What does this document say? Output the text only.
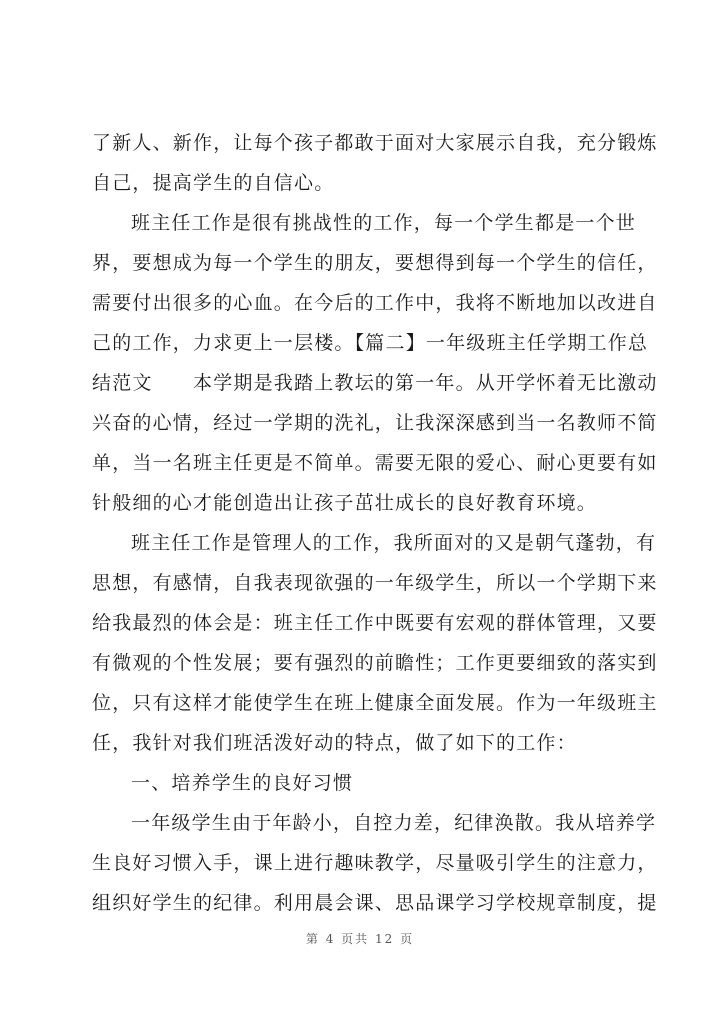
了新人、新作，让每个孩子都敢于面对大家展示自我，充分锻炼
自己，提高学生的自信心。
班主任工作是很有挑战性的工作，每一个学生都是一个世
界，要想成为每一个学生的朋友，要想得到每一个学生的信任，
需要付出很多的心血。在今后的工作中，我将不断地加以改进自
己的工作，力求更上一层楼。【篇二】一年级班主任学期工作总
结范文　　本学期是我踏上教坛的第一年。从开学怀着无比激动
兴奋的心情，经过一学期的洗礼，让我深深感到当一名教师不简
单，当一名班主任更是不简单。需要无限的爱心、耐心更要有如
针般细的心才能创造出让孩子茁壮成长的良好教育环境。
班主任工作是管理人的工作，我所面对的又是朝气蓬勃，有
思想，有感情，自我表现欲强的一年级学生，所以一个学期下来
给我最烈的体会是：班主任工作中既要有宏观的群体管理，又要
有微观的个性发展；要有强烈的前瞻性；工作更要细致的落实到
位，只有这样才能使学生在班上健康全面发展。作为一年级班主
任，我针对我们班活泼好动的特点，做了如下的工作：
一、培养学生的良好习惯
一年级学生由于年龄小，自控力差，纪律涣散。我从培养学
生良好习惯入手，课上进行趣味教学，尽量吸引学生的注意力，
组织好学生的纪律。利用晨会课、思品课学习学校规章制度，提
第 4 页共 12 页
